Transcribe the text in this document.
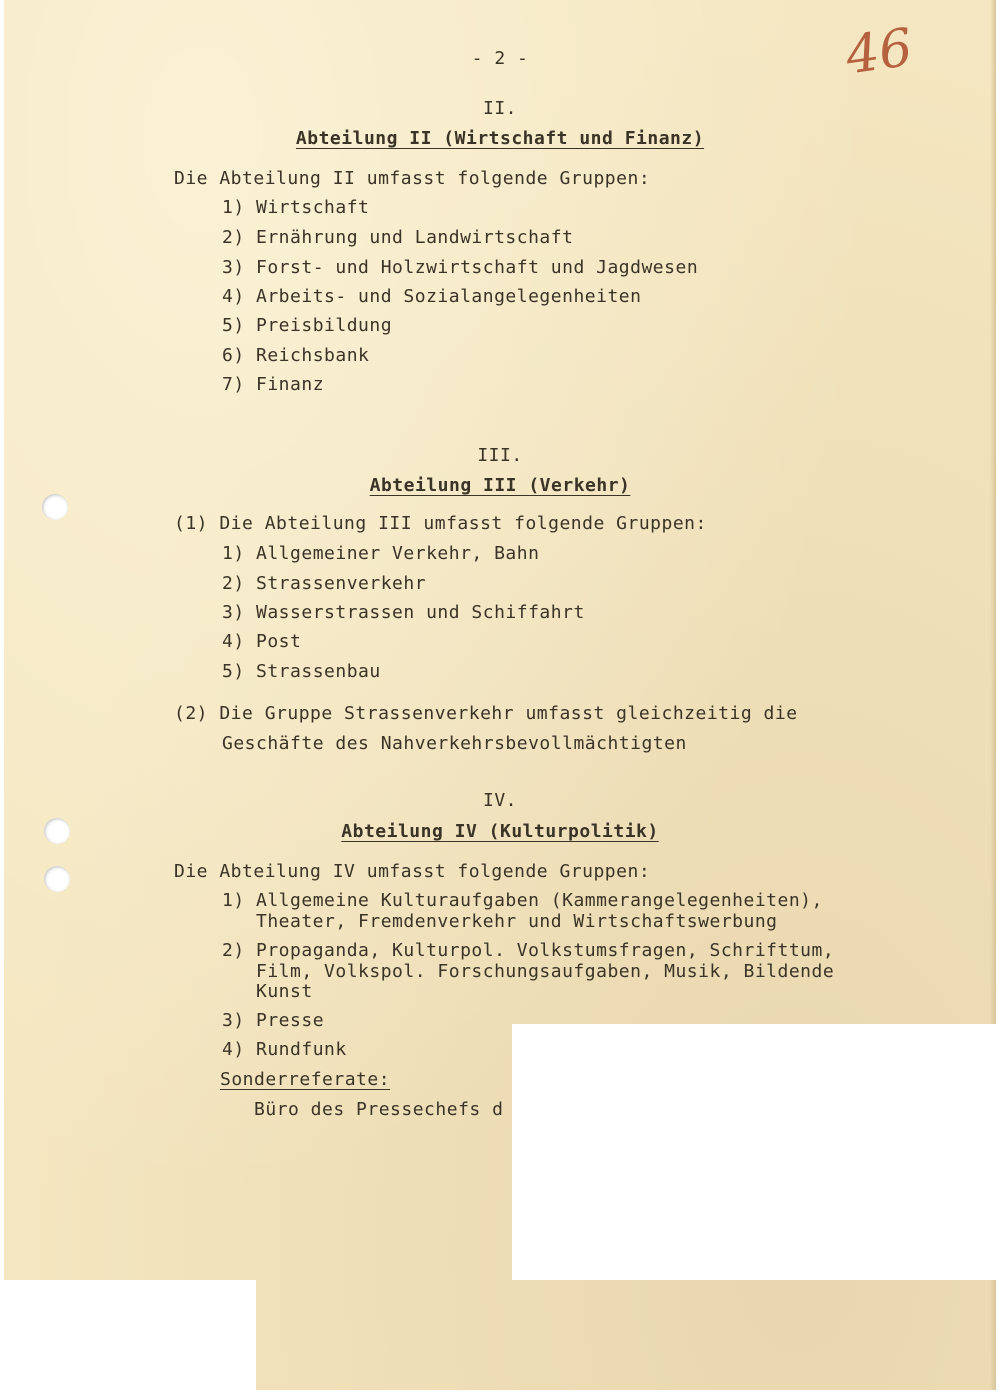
- 2 -	46
II.
Abteilung II (Wirtschaft und Finanz)
Die Abteilung II umfasst folgende Gruppen:
1) Wirtschaft
2) Ernährung und Landwirtschaft
3) Forst- und Holzwirtschaft und Jagdwesen
4) Arbeits- und Sozialangelegenheiten
5) Preisbildung
6) Reichsbank
7) Finanz
III.
Abteilung III (Verkehr)
(1) Die Abteilung III umfasst folgende Gruppen:
1) Allgemeiner Verkehr, Bahn
2) Strassenverkehr
3) Wasserstrassen und Schiffahrt
4) Post
5) Strassenbau
(2) Die Gruppe Strassenverkehr umfasst gleichzeitig die
Geschäfte des Nahverkehrsbevollmächtigten
IV.
Abteilung IV (Kulturpolitik)
Die Abteilung IV umfasst folgende Gruppen:
1) Allgemeine Kulturaufgaben (Kammerangelegenheiten),
Theater, Fremdenverkehr und Wirtschaftswerbung
2) Propaganda, Kulturpol. Volkstumsfragen, Schrifttum,
Film, Volkspol. Forschungsaufgaben, Musik, Bildende
Kunst
3) Presse
4) Rundfunk
Sonderreferate:
Büro des Pressechefs d
